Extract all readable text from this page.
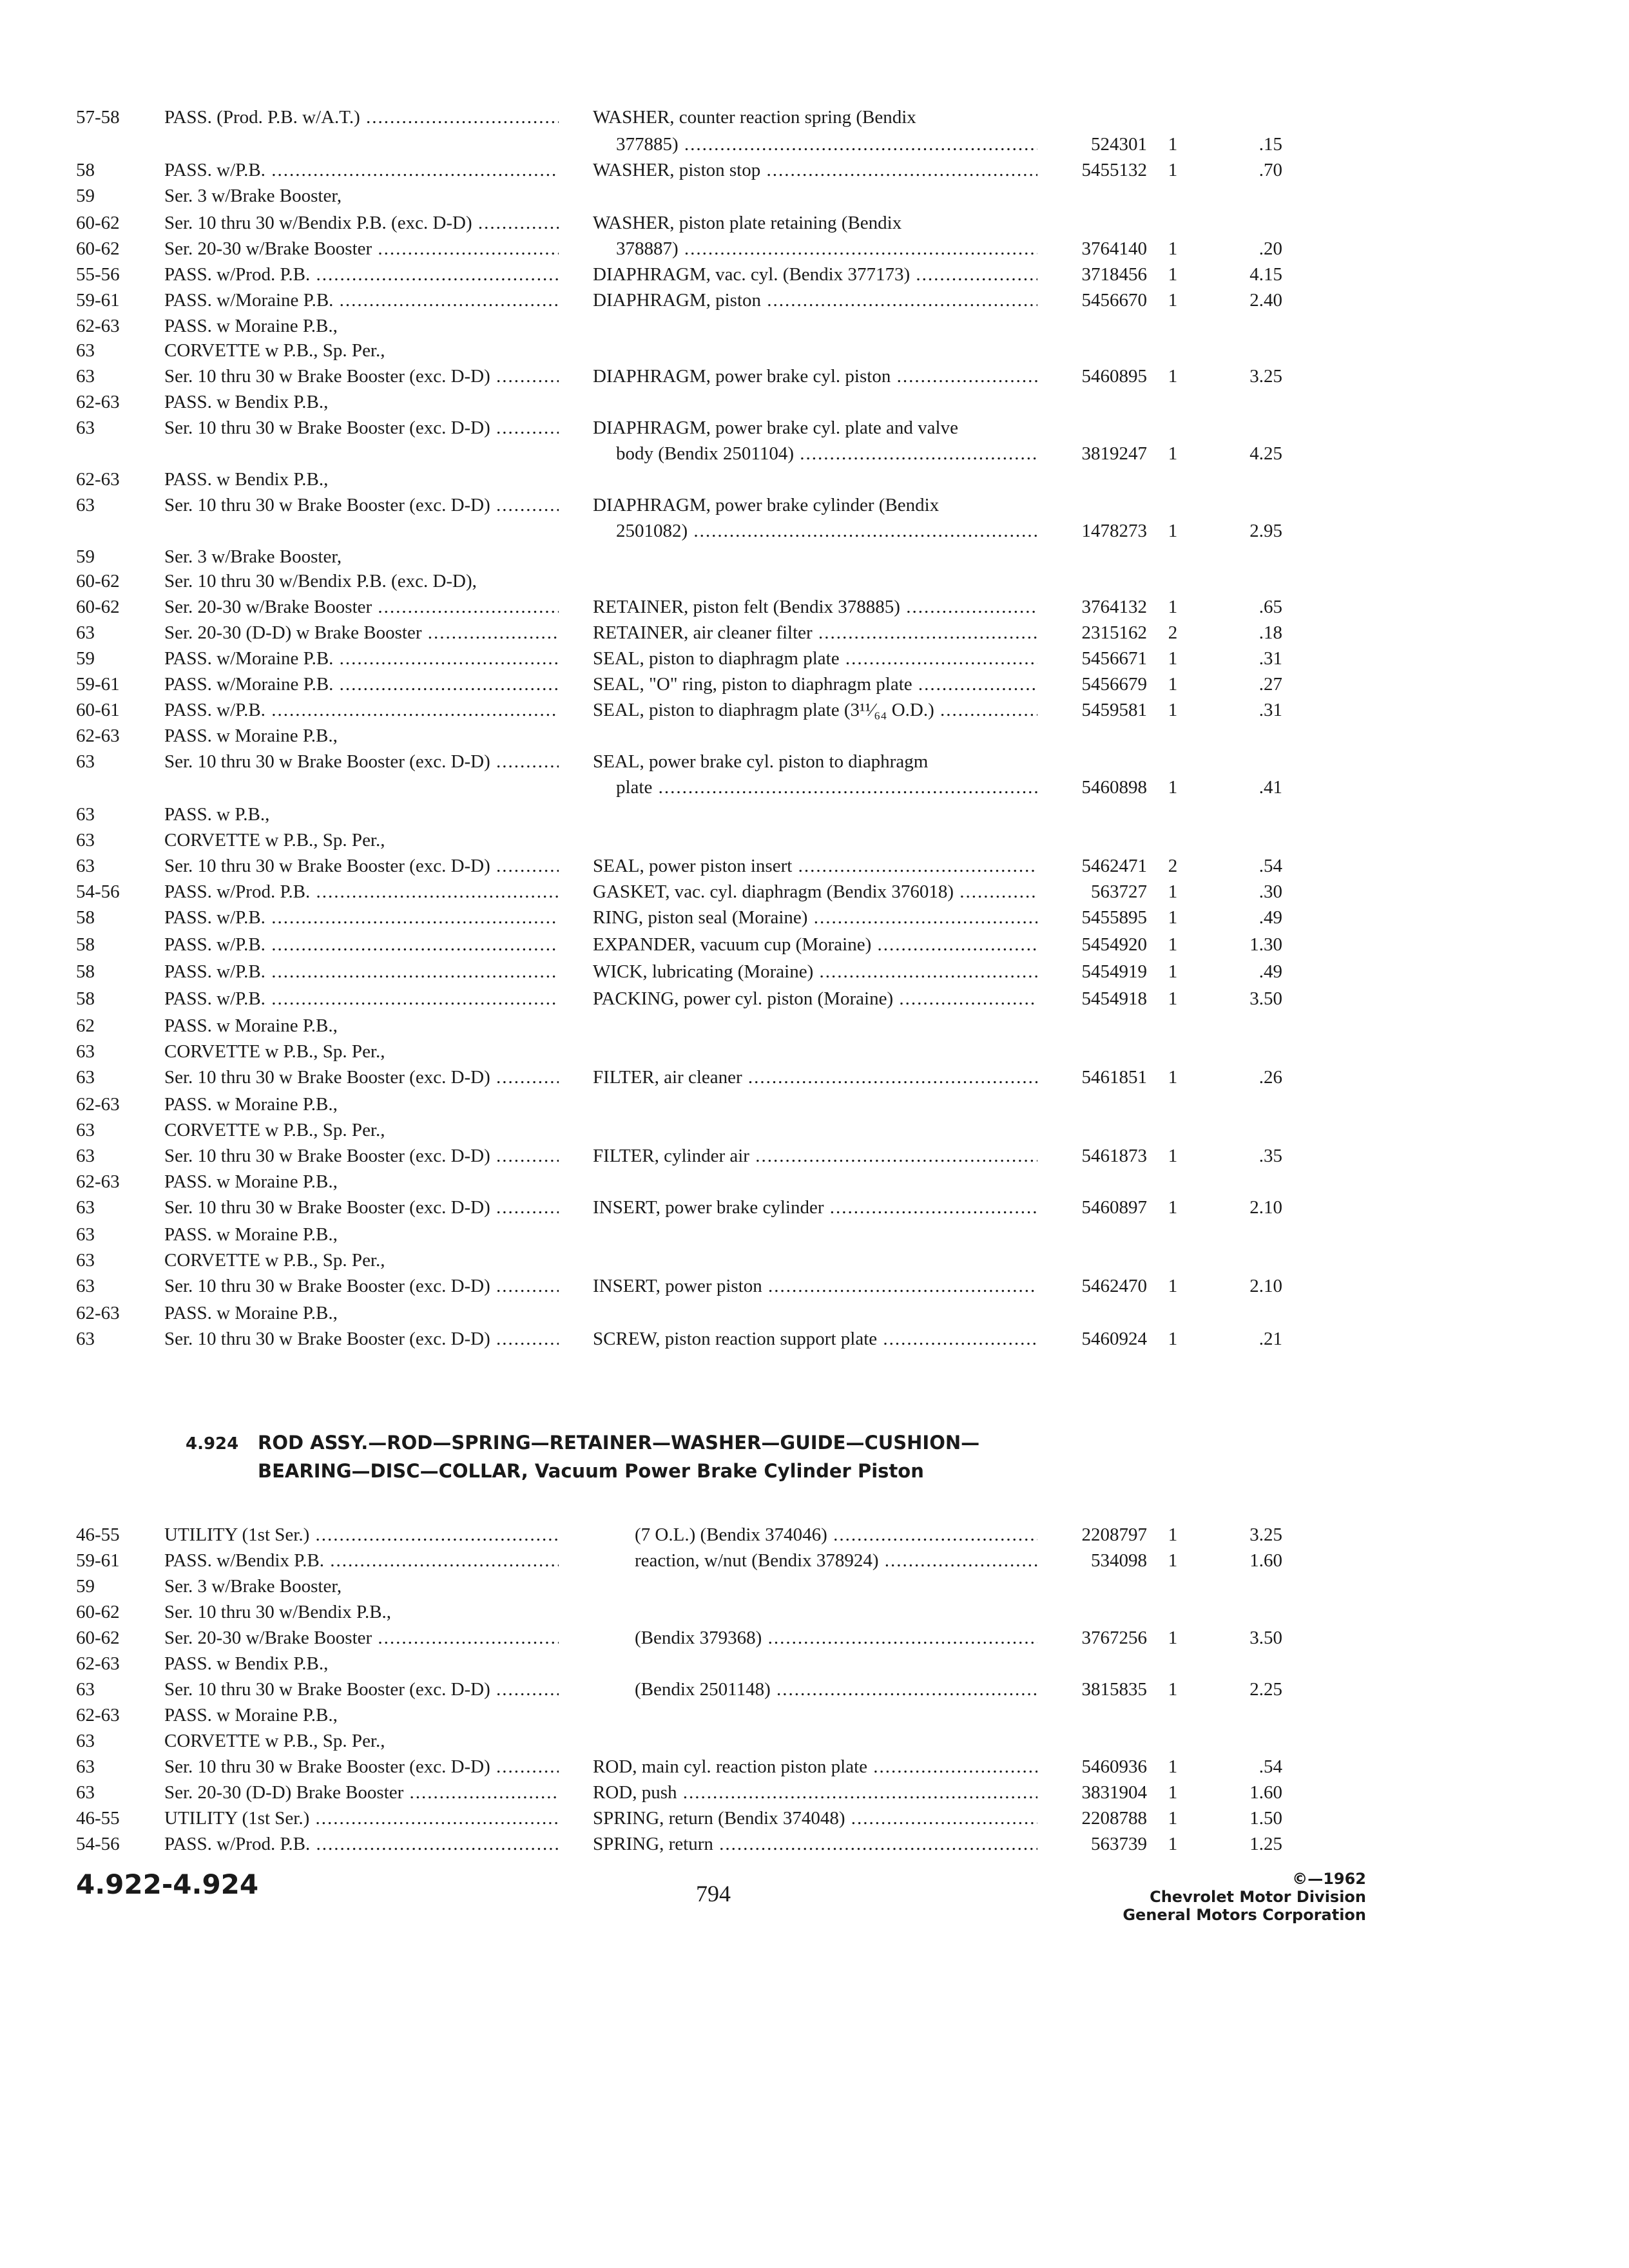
57-58	PASS. (Prod. P.B. w/A.T.) .....	WASHER, counter reaction spring (Bendix
377885) .....	524301	1	.15
58	PASS. w/P.B. .....	WASHER, piston stop .....	5455132	1	.70
59	Ser. 3 w/Brake Booster,
60-62	Ser. 10 thru 30 w/Bendix P.B. (exc. D-D) .....	WASHER, piston plate retaining (Bendix
60-62	Ser. 20-30 w/Brake Booster .....	378887) .....	3764140	1	.20
55-56	PASS. w/Prod. P.B. .....	DIAPHRAGM, vac. cyl. (Bendix 377173) .....	3718456	1	4.15
59-61	PASS. w/Moraine P.B. .....	DIAPHRAGM, piston .....	5456670	1	2.40
62-63	PASS. w Moraine P.B.,
63	CORVETTE w P.B., Sp. Per.,
63	Ser. 10 thru 30 w Brake Booster (exc. D-D) .....	DIAPHRAGM, power brake cyl. piston .....	5460895	1	3.25
62-63	PASS. w Bendix P.B.,
63	Ser. 10 thru 30 w Brake Booster (exc. D-D) .....	DIAPHRAGM, power brake cyl. plate and valve
body (Bendix 2501104) .....	3819247	1	4.25
62-63	PASS. w Bendix P.B.,
63	Ser. 10 thru 30 w Brake Booster (exc. D-D) .....	DIAPHRAGM, power brake cylinder (Bendix
2501082) .....	1478273	1	2.95
59	Ser. 3 w/Brake Booster,
60-62	Ser. 10 thru 30 w/Bendix P.B. (exc. D-D),
60-62	Ser. 20-30 w/Brake Booster .....	RETAINER, piston felt (Bendix 378885) .....	3764132	1	.65
63	Ser. 20-30 (D-D) w Brake Booster .....	RETAINER, air cleaner filter .....	2315162	2	.18
59	PASS. w/Moraine P.B. .....	SEAL, piston to diaphragm plate .....	5456671	1	.31
59-61	PASS. w/Moraine P.B. .....	SEAL, "O" ring, piston to diaphragm plate .....	5456679	1	.27
60-61	PASS. w/P.B. .....	SEAL, piston to diaphragm plate (3¹¹⁄₆₄ O.D.) .....	5459581	1	.31
62-63	PASS. w Moraine P.B.,
63	Ser. 10 thru 30 w Brake Booster (exc. D-D) .....	SEAL, power brake cyl. piston to diaphragm
plate .....	5460898	1	.41
63	PASS. w P.B.,
63	CORVETTE w P.B., Sp. Per.,
63	Ser. 10 thru 30 w Brake Booster (exc. D-D) .....	SEAL, power piston insert .....	5462471	2	.54
54-56	PASS. w/Prod. P.B. .....	GASKET, vac. cyl. diaphragm (Bendix 376018) .....	563727	1	.30
58	PASS. w/P.B. .....	RING, piston seal (Moraine) .....	5455895	1	.49
58	PASS. w/P.B. .....	EXPANDER, vacuum cup (Moraine) .....	5454920	1	1.30
58	PASS. w/P.B. .....	WICK, lubricating (Moraine) .....	5454919	1	.49
58	PASS. w/P.B. .....	PACKING, power cyl. piston (Moraine) .....	5454918	1	3.50
62	PASS. w Moraine P.B.,
63	CORVETTE w P.B., Sp. Per.,
63	Ser. 10 thru 30 w Brake Booster (exc. D-D) .....	FILTER, air cleaner .....	5461851	1	.26
62-63	PASS. w Moraine P.B.,
63	CORVETTE w P.B., Sp. Per.,
63	Ser. 10 thru 30 w Brake Booster (exc. D-D) .....	FILTER, cylinder air .....	5461873	1	.35
62-63	PASS. w Moraine P.B.,
63	Ser. 10 thru 30 w Brake Booster (exc. D-D) .....	INSERT, power brake cylinder .....	5460897	1	2.10
63	PASS. w Moraine P.B.,
63	CORVETTE w P.B., Sp. Per.,
63	Ser. 10 thru 30 w Brake Booster (exc. D-D) .....	INSERT, power piston .....	5462470	1	2.10
62-63	PASS. w Moraine P.B.,
63	Ser. 10 thru 30 w Brake Booster (exc. D-D) .....	SCREW, piston reaction support plate .....	5460924	1	.21
4.924 ROD ASSY.—ROD—SPRING—RETAINER—WASHER—GUIDE—CUSHION—
BEARING—DISC—COLLAR, Vacuum Power Brake Cylinder Piston
46-55	UTILITY (1st Ser.) .....	(7 O.L.) (Bendix 374046) .....	2208797	1	3.25
59-61	PASS. w/Bendix P.B. .....	reaction, w/nut (Bendix 378924) .....	534098	1	1.60
59	Ser. 3 w/Brake Booster,
60-62	Ser. 10 thru 30 w/Bendix P.B.,
60-62	Ser. 20-30 w/Brake Booster .....	(Bendix 379368) .....	3767256	1	3.50
62-63	PASS. w Bendix P.B.,
63	Ser. 10 thru 30 w Brake Booster (exc. D-D) .....	(Bendix 2501148) .....	3815835	1	2.25
62-63	PASS. w Moraine P.B.,
63	CORVETTE w P.B., Sp. Per.,
63	Ser. 10 thru 30 w Brake Booster (exc. D-D) .....	ROD, main cyl. reaction piston plate .....	5460936	1	.54
63	Ser. 20-30 (D-D) Brake Booster .....	ROD, push .....	3831904	1	1.60
46-55	UTILITY (1st Ser.) .....	SPRING, return (Bendix 374048) .....	2208788	1	1.50
54-56	PASS. w/Prod. P.B. .....	SPRING, return .....	563739	1	1.25
4.922-4.924	794
©—1962
Chevrolet Motor Division
General Motors Corporation
